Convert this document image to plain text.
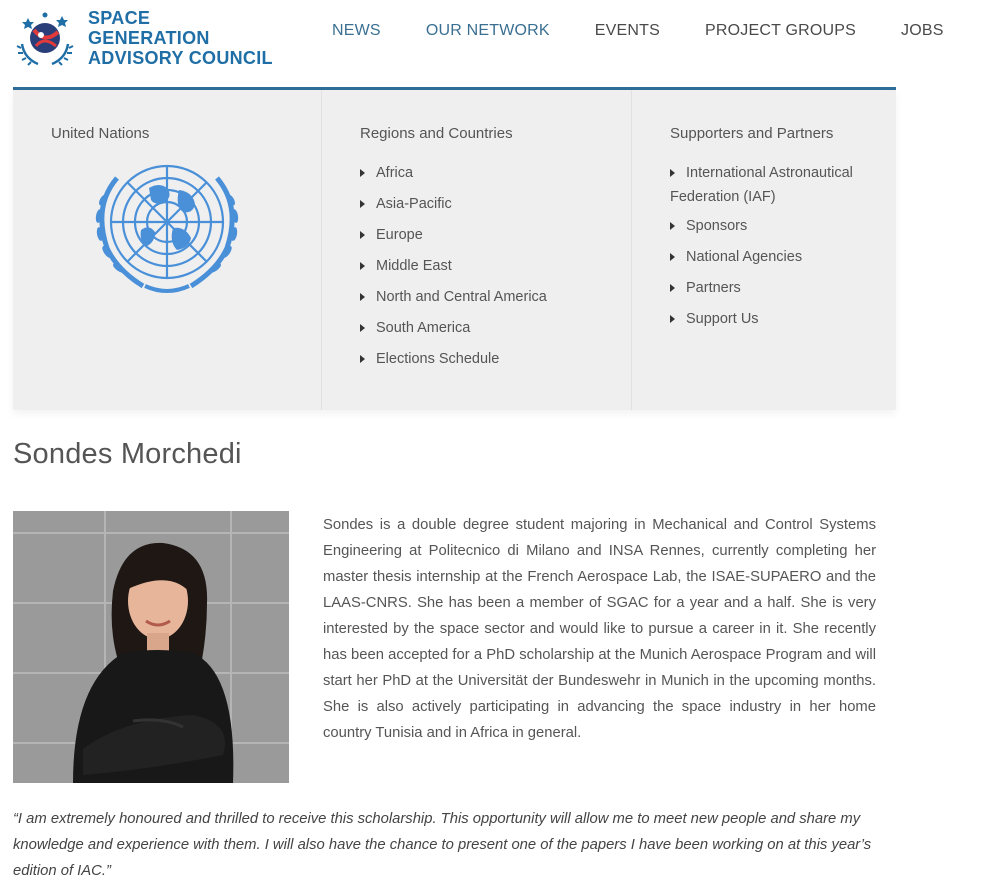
SPACE GENERATION
ADVISORY COUNCIL
NEWS	OUR NETWORK	EVENTS	PROJECT GROUPS	JOBS
United Nations	Regions and Countries
Africa
Asia-Pacific
Europe
Middle East
North and Central America
South America
Elections Schedule
Supporters and Partners
International Astronautical
Federation (IAF)
Sponsors
National Agencies
Partners
Support Us
Sondes Morchedi
Sondes is a double degree student majoring in Mechanical and Control Systems Engineering at Politecnico di Milano and INSA Rennes, currently completing her master thesis internship at the French Aerospace Lab, the ISAE-SUPAERO and the LAAS-CNRS. She has been a member of SGAC for a year and a half. She is very interested by the space sector and would like to pursue a career in it. She recently has been accepted for a PhD scholarship at the Munich Aerospace Program and will start her PhD at the Universität der Bundeswehr in Munich in the upcoming months. She is also actively participating in advancing the space industry in her home country Tunisia and in Africa in general.
“I am extremely honoured and thrilled to receive this scholarship. This opportunity will allow me to meet new people and share my knowledge and experience with them. I will also have the chance to present one of the papers I have been working on at this year’s edition of IAC.”
